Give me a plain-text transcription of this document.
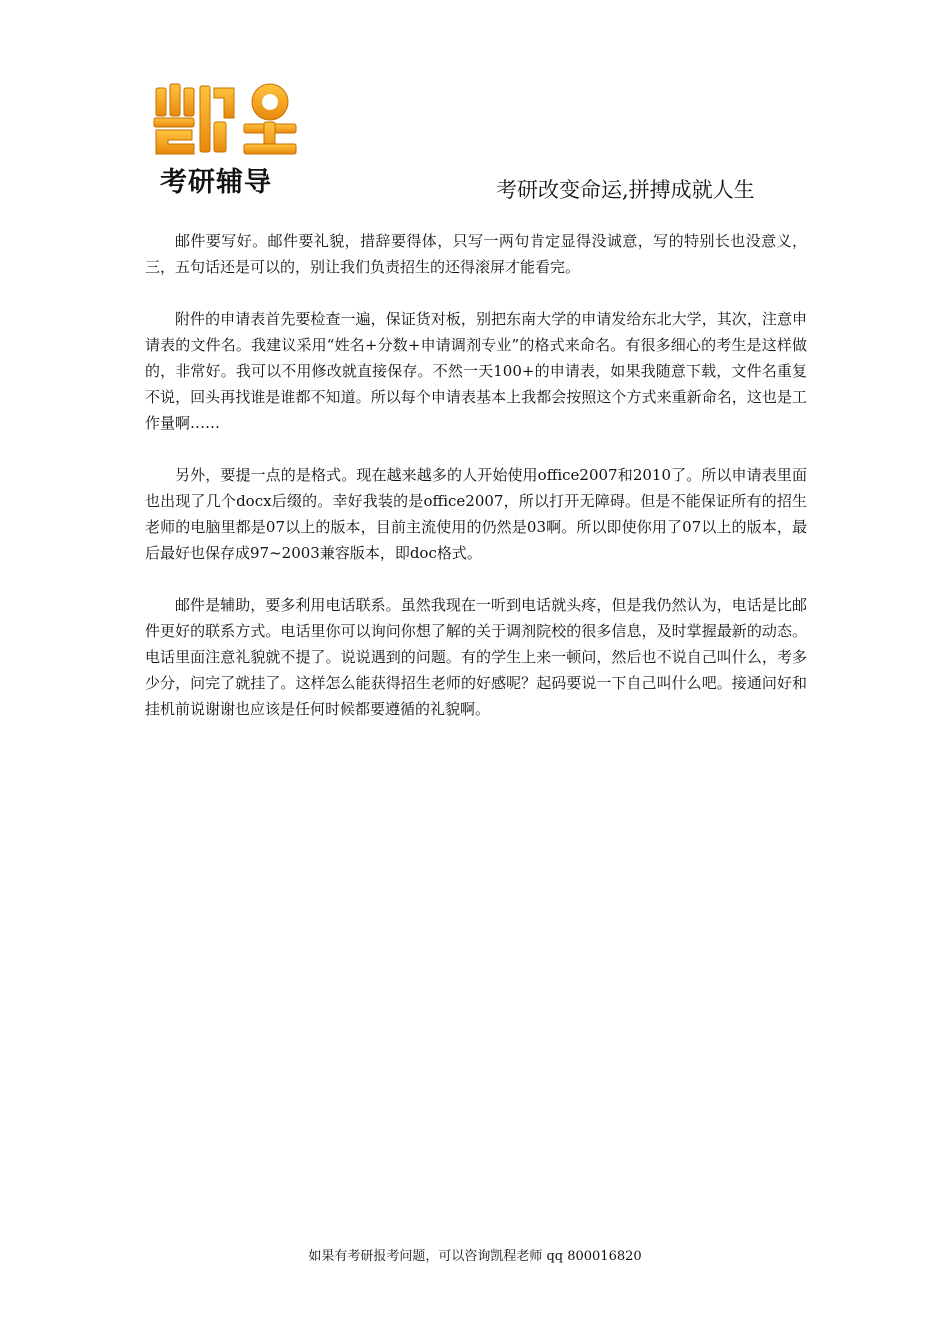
考研辅导	考研改变命运,拼搏成就人生

邮件要写好。邮件要礼貌，措辞要得体，只写一两句肯定显得没诚意，写的特别长也没意义，三，五句话还是可以的，别让我们负责招生的还得滚屏才能看完。

附件的申请表首先要检查一遍，保证货对板，别把东南大学的申请发给东北大学，其次，注意申请表的文件名。我建议采用“姓名+分数+申请调剂专业”的格式来命名。有很多细心的考生是这样做的，非常好。我可以不用修改就直接保存。不然一天100+的申请表，如果我随意下载，文件名重复不说，回头再找谁是谁都不知道。所以每个申请表基本上我都会按照这个方式来重新命名，这也是工作量啊……

另外，要提一点的是格式。现在越来越多的人开始使用office2007和2010了。所以申请表里面也出现了几个docx后缀的。幸好我装的是office2007，所以打开无障碍。但是不能保证所有的招生老师的电脑里都是07以上的版本，目前主流使用的仍然是03啊。所以即使你用了07以上的版本，最后最好也保存成97~2003兼容版本，即doc格式。

邮件是辅助，要多利用电话联系。虽然我现在一听到电话就头疼，但是我仍然认为，电话是比邮件更好的联系方式。电话里你可以询问你想了解的关于调剂院校的很多信息，及时掌握最新的动态。电话里面注意礼貌就不提了。说说遇到的问题。有的学生上来一顿问，然后也不说自己叫什么，考多少分，问完了就挂了。这样怎么能获得招生老师的好感呢？起码要说一下自己叫什么吧。接通问好和挂机前说谢谢也应该是任何时候都要遵循的礼貌啊。

如果有考研报考问题，可以咨询凯程老师 qq 800016820
